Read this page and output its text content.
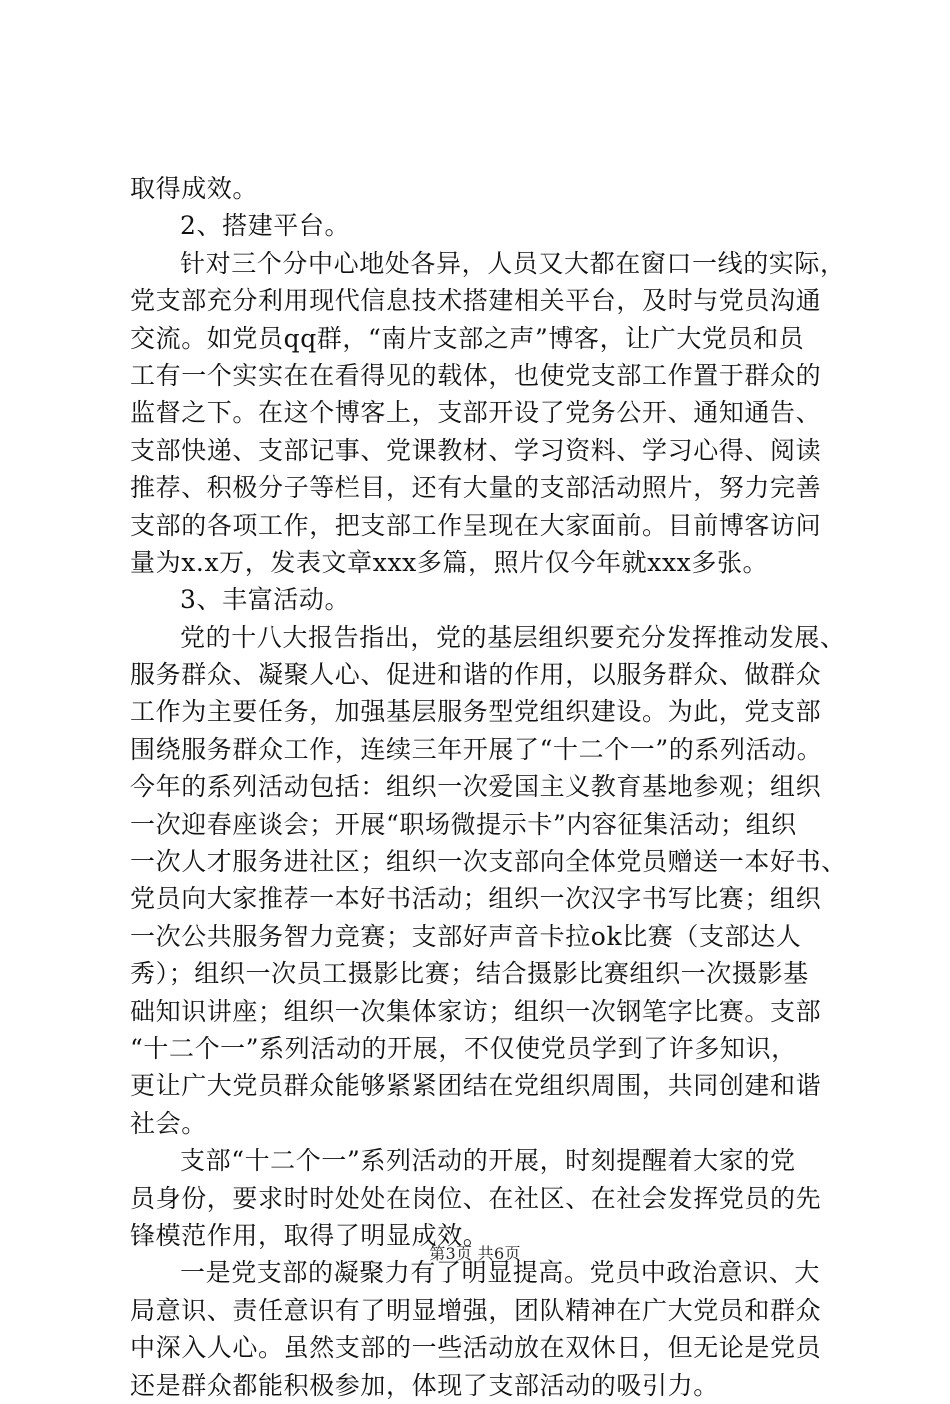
取得成效。
2、搭建平台。
针对三个分中心地处各异，人员又大都在窗口一线的实际，
党支部充分利用现代信息技术搭建相关平台，及时与党员沟通
交流。如党员qq群，“南片支部之声”博客，让广大党员和员
工有一个实实在在看得见的载体，也使党支部工作置于群众的
监督之下。在这个博客上，支部开设了党务公开、通知通告、
支部快递、支部记事、党课教材、学习资料、学习心得、阅读
推荐、积极分子等栏目，还有大量的支部活动照片，努力完善
支部的各项工作，把支部工作呈现在大家面前。目前博客访问
量为x.x万，发表文章xxx多篇，照片仅今年就xxx多张。
3、丰富活动。
党的十八大报告指出，党的基层组织要充分发挥推动发展、
服务群众、凝聚人心、促进和谐的作用，以服务群众、做群众
工作为主要任务，加强基层服务型党组织建设。为此，党支部
围绕服务群众工作，连续三年开展了“十二个一”的系列活动。
今年的系列活动包括：组织一次爱国主义教育基地参观；组织
一次迎春座谈会；开展“职场微提示卡”内容征集活动；组织
一次人才服务进社区；组织一次支部向全体党员赠送一本好书、
党员向大家推荐一本好书活动；组织一次汉字书写比赛；组织
一次公共服务智力竞赛；支部好声音卡拉ok比赛（支部达人
秀）；组织一次员工摄影比赛；结合摄影比赛组织一次摄影基
础知识讲座；组织一次集体家访；组织一次钢笔字比赛。支部
“十二个一”系列活动的开展，不仅使党员学到了许多知识，
更让广大党员群众能够紧紧团结在党组织周围，共同创建和谐
社会。
支部“十二个一”系列活动的开展，时刻提醒着大家的党
员身份，要求时时处处在岗位、在社区、在社会发挥党员的先
锋模范作用，取得了明显成效。
一是党支部的凝聚力有了明显提高。党员中政治意识、大
局意识、责任意识有了明显增强，团队精神在广大党员和群众
中深入人心。虽然支部的一些活动放在双休日，但无论是党员
还是群众都能积极参加，体现了支部活动的吸引力。
第3页 共6页
